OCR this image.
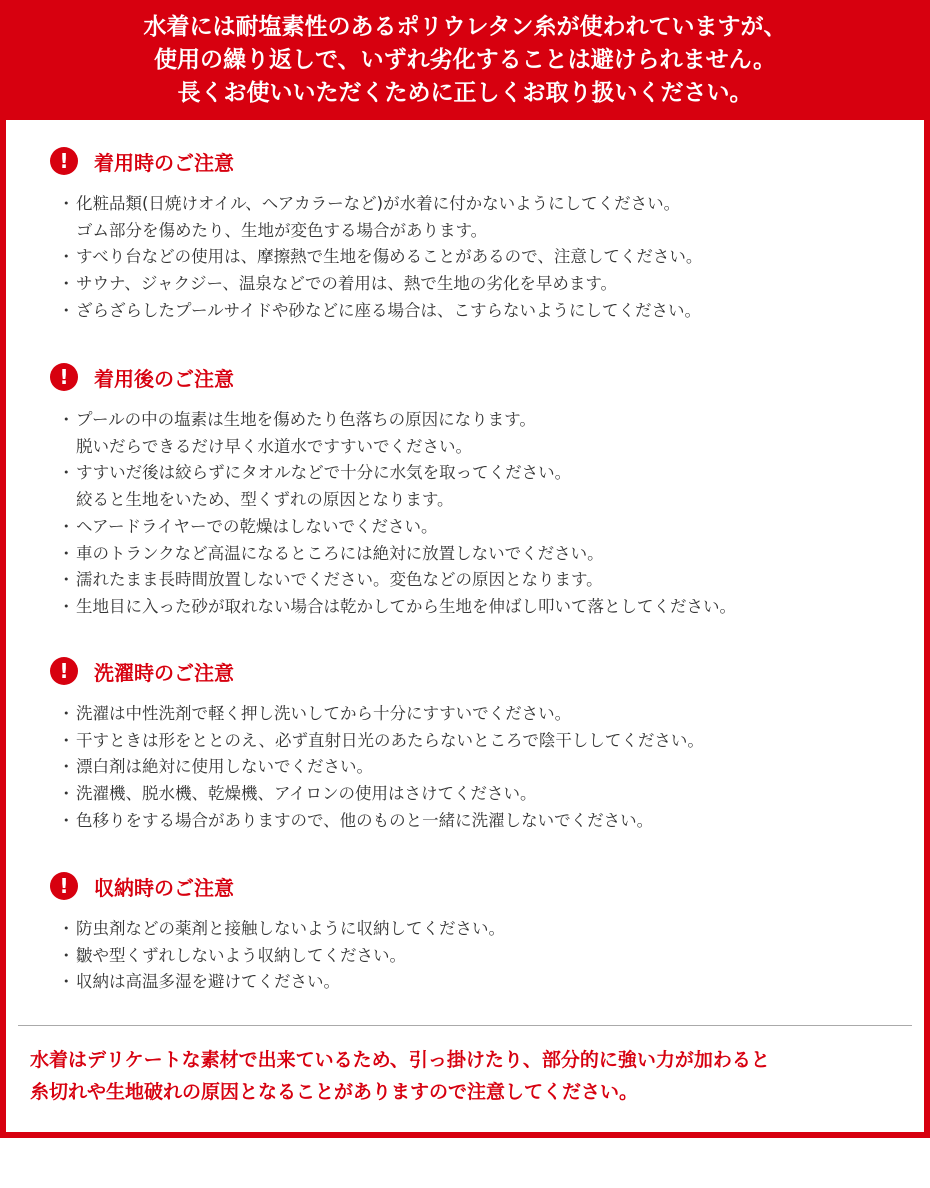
水着には耐塩素性のあるポリウレタン糸が使われていますが、
使用の繰り返しで、いずれ劣化することは避けられません。
長くお使いいただくために正しくお取り扱いください。
!	着用時のご注意
・化粧品類(日焼けオイル、ヘアカラーなど)が水着に付かないようにしてください。
ゴム部分を傷めたり、生地が変色する場合があります。
・すべり台などの使用は、摩擦熱で生地を傷めることがあるので、注意してください。
・サウナ、ジャクジー、温泉などでの着用は、熱で生地の劣化を早めます。
・ざらざらしたプールサイドや砂などに座る場合は、こすらないようにしてください。
!	着用後のご注意
・プールの中の塩素は生地を傷めたり色落ちの原因になります。
脱いだらできるだけ早く水道水ですすいでください。
・すすいだ後は絞らずにタオルなどで十分に水気を取ってください。
絞ると生地をいため、型くずれの原因となります。
・ヘアードライヤーでの乾燥はしないでください。
・車のトランクなど高温になるところには絶対に放置しないでください。
・濡れたまま長時間放置しないでください。変色などの原因となります。
・生地目に入った砂が取れない場合は乾かしてから生地を伸ばし叩いて落としてください。
!	洗濯時のご注意
・洗濯は中性洗剤で軽く押し洗いしてから十分にすすいでください。
・干すときは形をととのえ、必ず直射日光のあたらないところで陰干ししてください。
・漂白剤は絶対に使用しないでください。
・洗濯機、脱水機、乾燥機、アイロンの使用はさけてください。
・色移りをする場合がありますので、他のものと一緒に洗濯しないでください。
!	収納時のご注意
・防虫剤などの薬剤と接触しないように収納してください。
・皺や型くずれしないよう収納してください。
・収納は高温多湿を避けてください。
水着はデリケートな素材で出来ているため、引っ掛けたり、部分的に強い力が加わると
糸切れや生地破れの原因となることがありますので注意してください。
